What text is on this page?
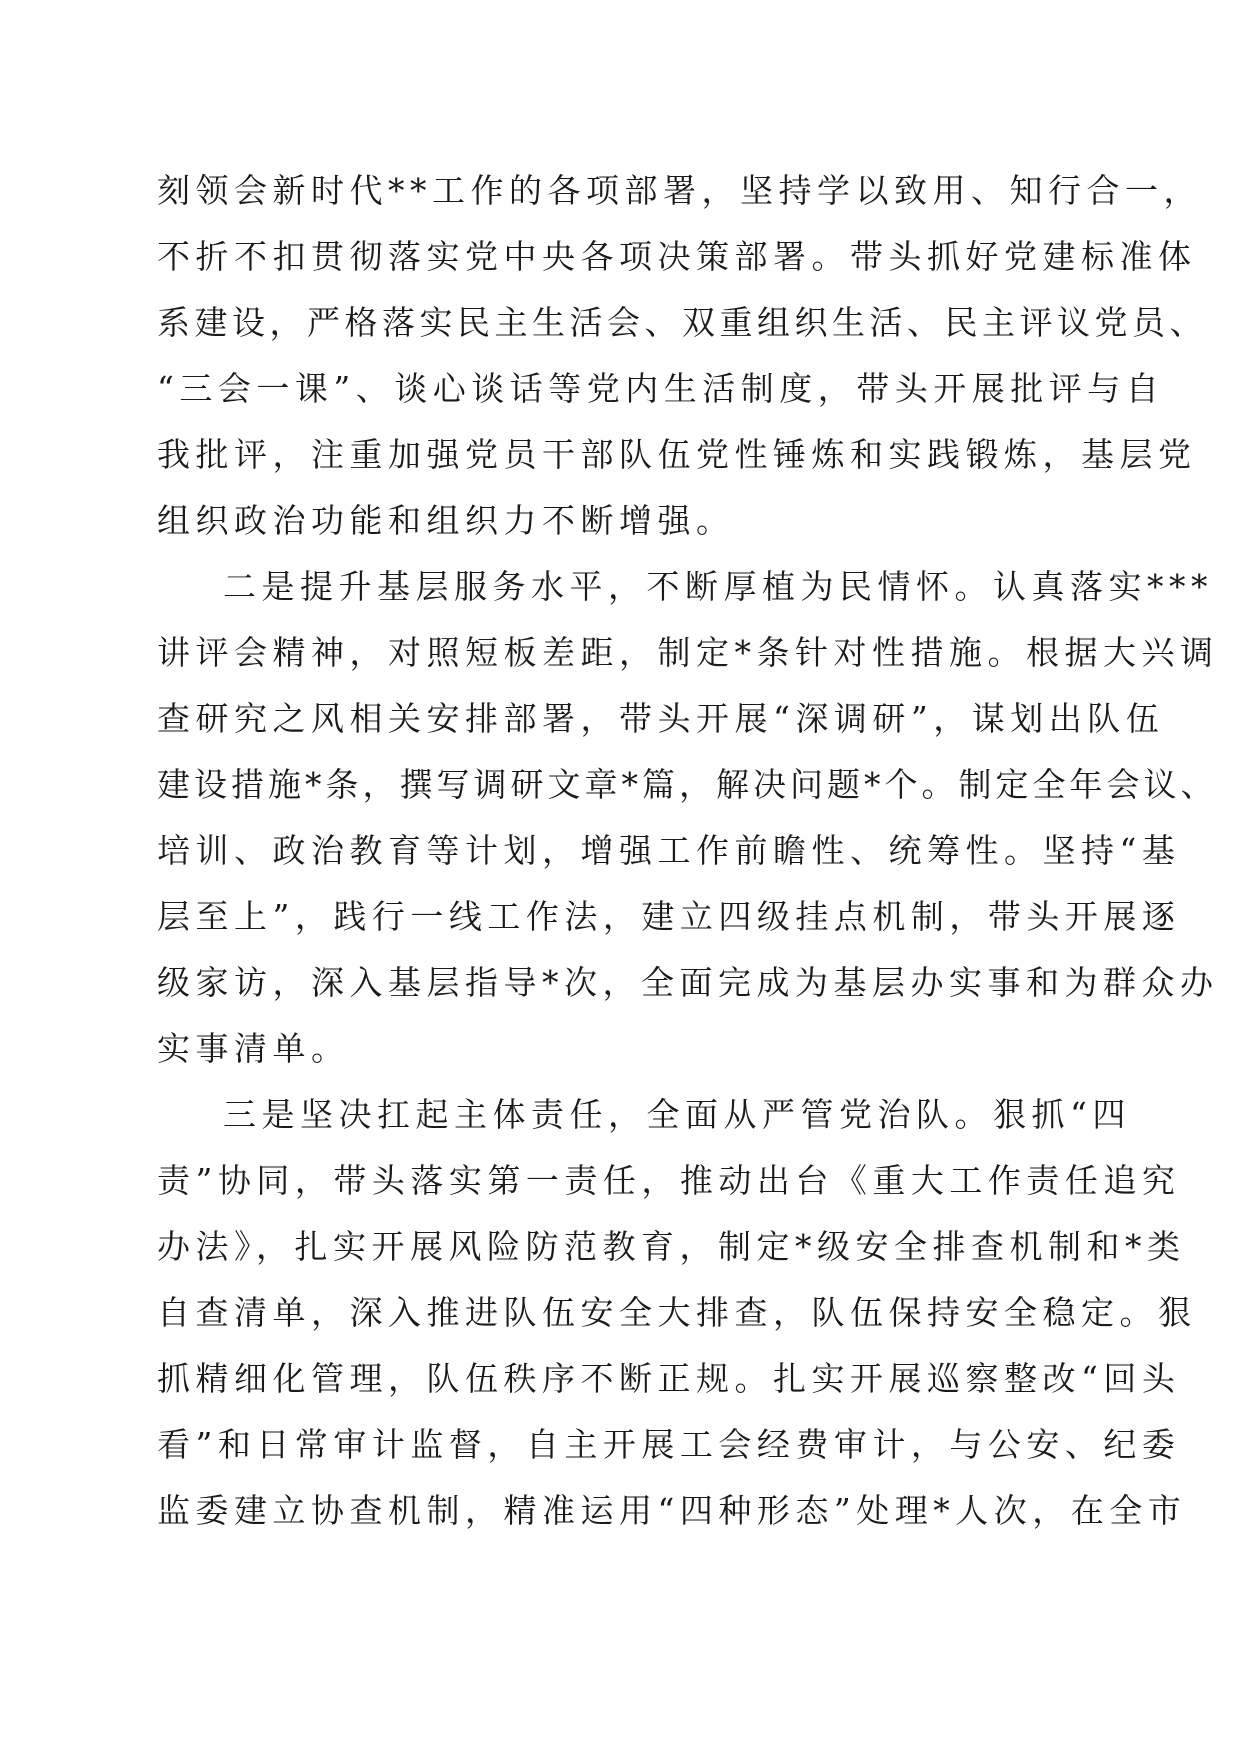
刻领会新时代**工作的各项部署，坚持学以致用、知行合一，
不折不扣贯彻落实党中央各项决策部署。带头抓好党建标准体
系建设，严格落实民主生活会、双重组织生活、民主评议党员、
“三会一课”、谈心谈话等党内生活制度，带头开展批评与自
我批评，注重加强党员干部队伍党性锤炼和实践锻炼，基层党
组织政治功能和组织力不断增强。
二是提升基层服务水平，不断厚植为民情怀。认真落实***
讲评会精神，对照短板差距，制定*条针对性措施。根据大兴调
查研究之风相关安排部署，带头开展“深调研”，谋划出队伍
建设措施*条，撰写调研文章*篇，解决问题*个。制定全年会议、
培训、政治教育等计划，增强工作前瞻性、统筹性。坚持“基
层至上”，践行一线工作法，建立四级挂点机制，带头开展逐
级家访，深入基层指导*次，全面完成为基层办实事和为群众办
实事清单。
三是坚决扛起主体责任，全面从严管党治队。狠抓“四
责”协同，带头落实第一责任，推动出台《重大工作责任追究
办法》，扎实开展风险防范教育，制定*级安全排查机制和*类
自查清单，深入推进队伍安全大排查，队伍保持安全稳定。狠
抓精细化管理，队伍秩序不断正规。扎实开展巡察整改“回头
看”和日常审计监督，自主开展工会经费审计，与公安、纪委
监委建立协查机制，精准运用“四种形态”处理*人次，在全市
